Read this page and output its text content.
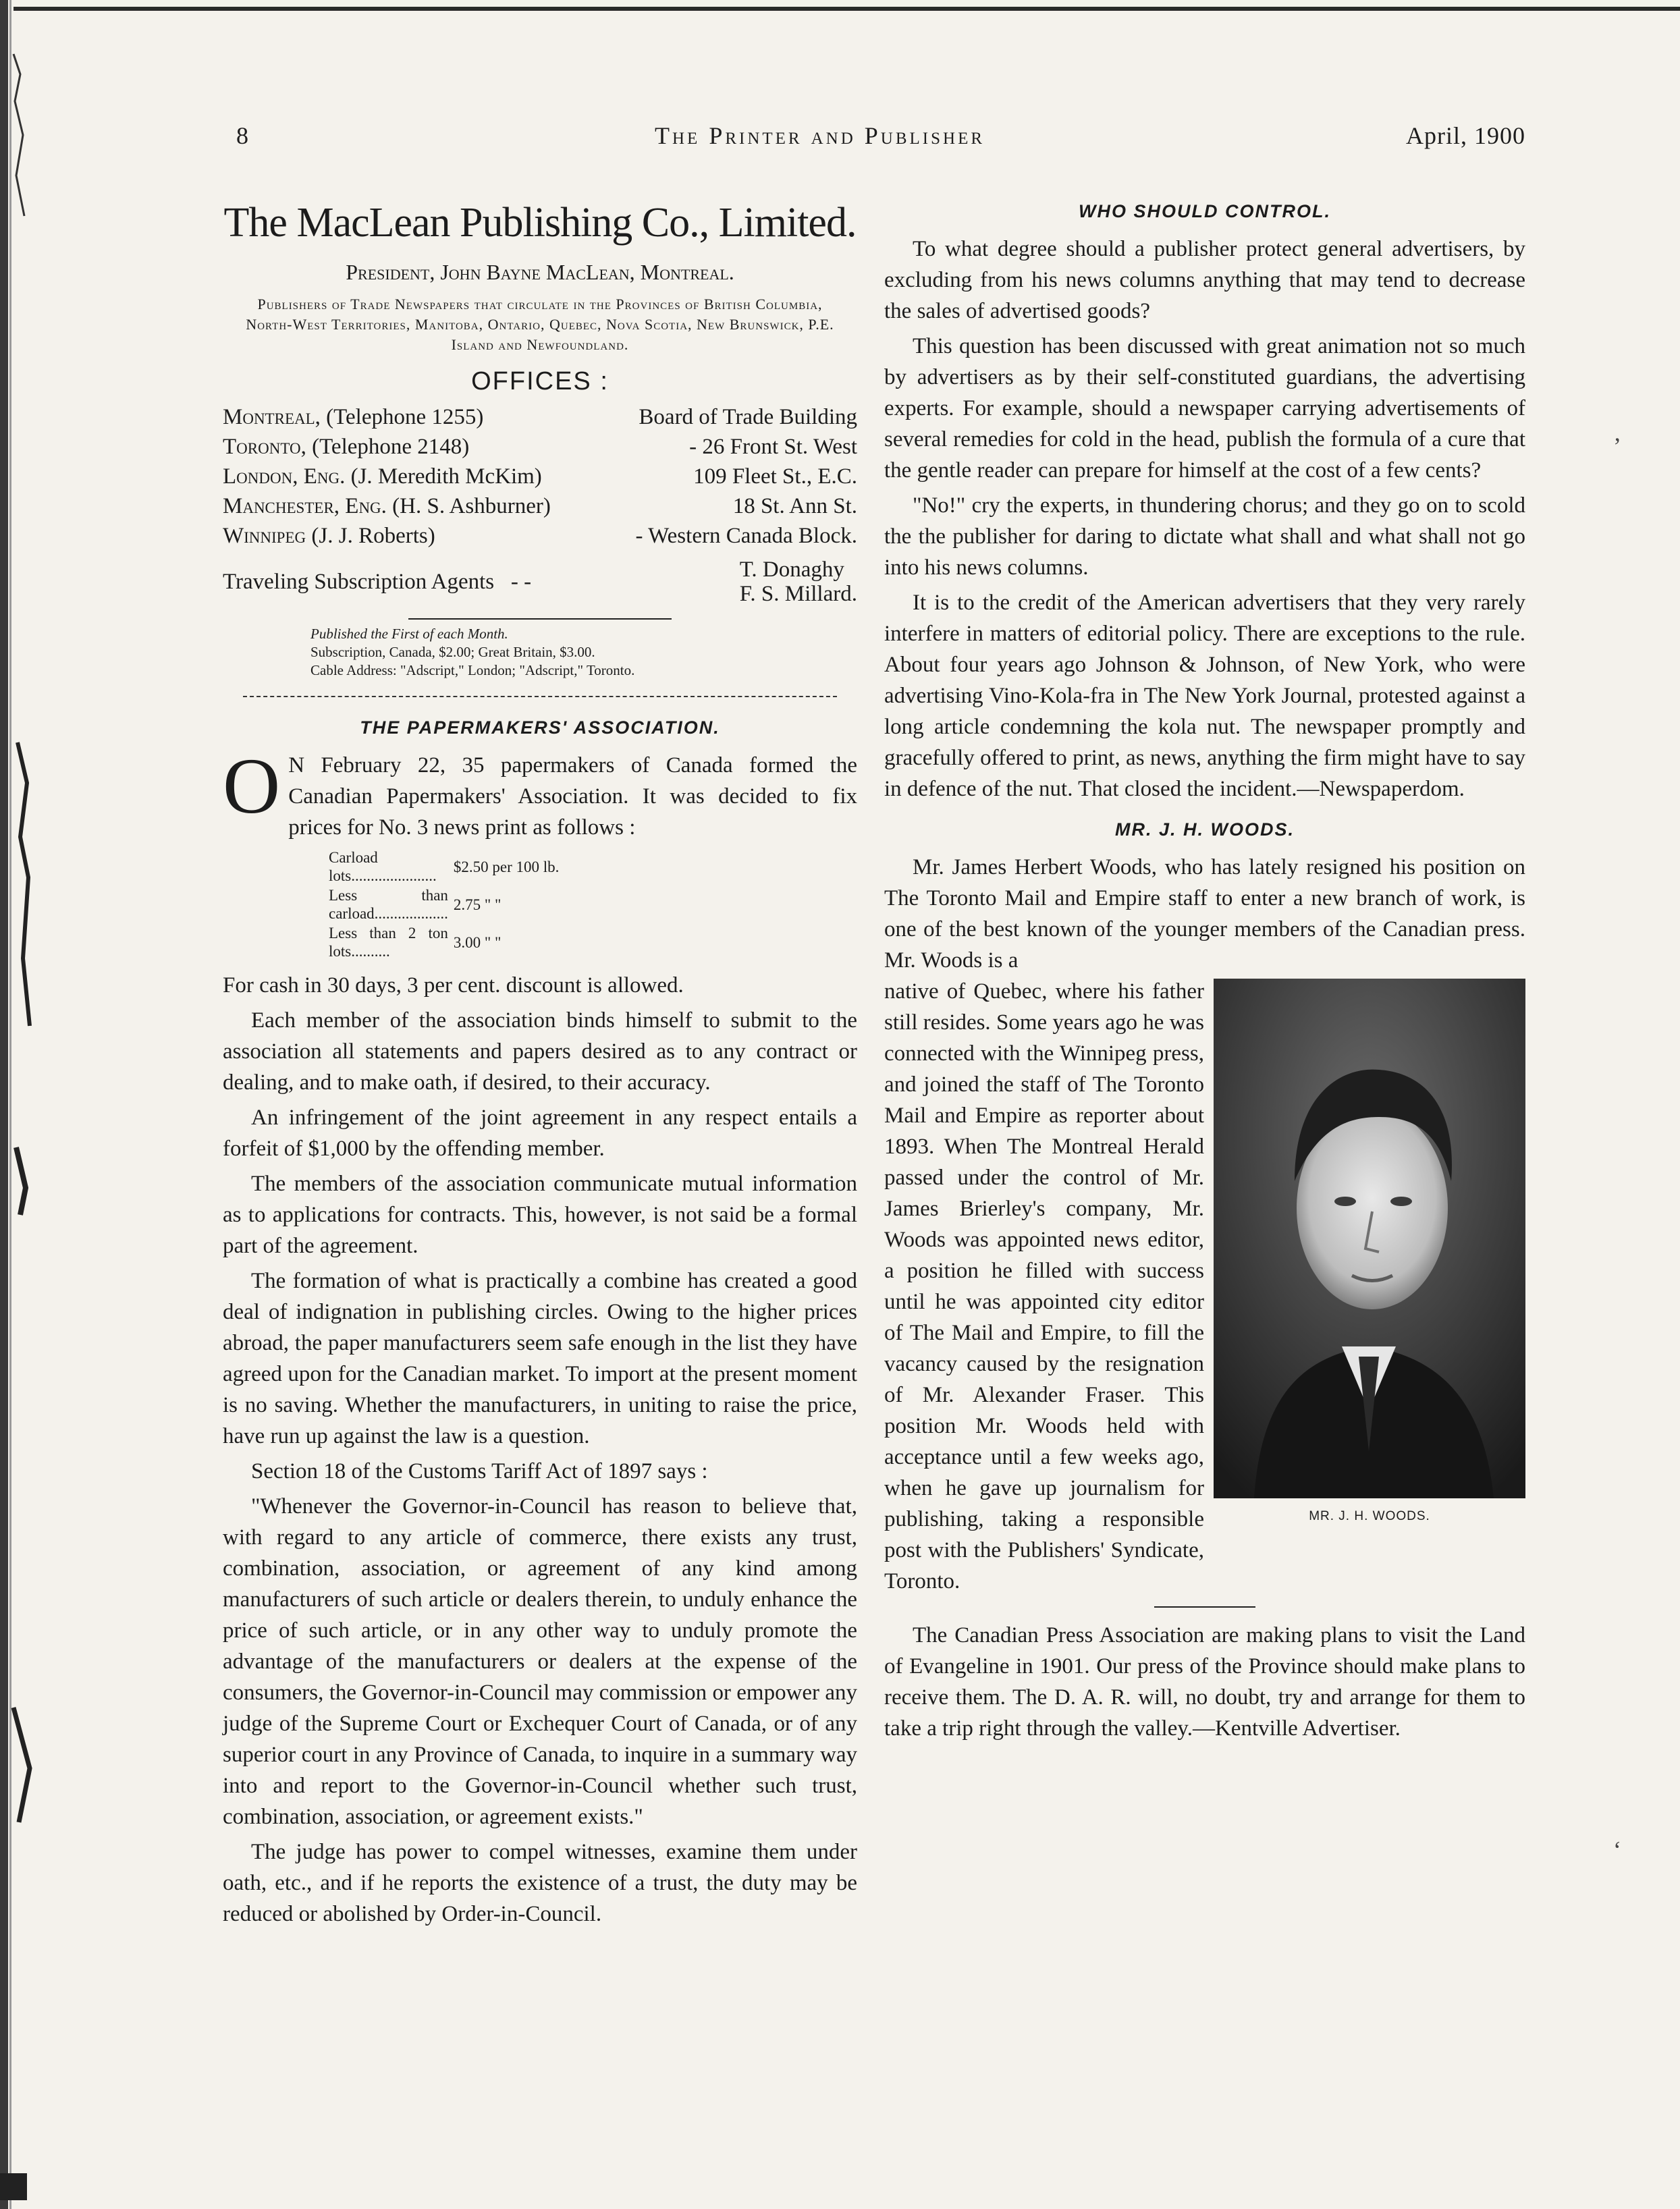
8	The Printer and Publisher	April, 1900
The MacLean Publishing Co., Limited.
President, John Bayne MacLean, Montreal.
Publishers of Trade Newspapers that circulate in the Provinces of British Columbia, North-West Territories, Manitoba, Ontario, Quebec, Nova Scotia, New Brunswick, P.E. Island and Newfoundland.
OFFICES :
Montreal, (Telephone 1255)	Board of Trade Building
Toronto, (Telephone 2148)	- 26 Front St. West
London, Eng. (J. Meredith McKim)	109 Fleet St., E.C.
Manchester, Eng. (H. S. Ashburner)	18 St. Ann St.
Winnipeg (J. J. Roberts)	- Western Canada Block.
Traveling Subscription Agents - -	T. Donaghy
F. S. Millard.
Published the First of each Month.
Subscription, Canada, $2.00; Great Britain, $3.00.
Cable Address: "Adscript," London; "Adscript," Toronto.
THE PAPERMAKERS' ASSOCIATION.

O N February 22, 35 papermakers of Canada formed the Canadian Papermakers' Association. It was decided to fix prices for No. 3 news print as follows :

Carload lots......................	$2.50 per 100 lb.
Less than carload...................	2.75 " "
Less than 2 ton lots..........	3.00 " "

For cash in 30 days, 3 per cent. discount is allowed.

Each member of the association binds himself to submit to the association all statements and papers desired as to any contract or dealing, and to make oath, if desired, to their accuracy.

An infringement of the joint agreement in any respect entails a forfeit of $1,000 by the offending member.

The members of the association communicate mutual information as to applications for contracts. This, however, is not said be a formal part of the agreement.

The formation of what is practically a combine has created a good deal of indignation in publishing circles. Owing to the higher prices abroad, the paper manufacturers seem safe enough in the list they have agreed upon for the Canadian market. To import at the present moment is no saving. Whether the manufacturers, in uniting to raise the price, have run up against the law is a question.

Section 18 of the Customs Tariff Act of 1897 says :

"Whenever the Governor-in-Council has reason to believe that, with regard to any article of commerce, there exists any trust, combination, association, or agreement of any kind among manufacturers of such article or dealers therein, to unduly enhance the price of such article, or in any other way to unduly promote the advantage of the manufacturers or dealers at the expense of the consumers, the Governor-in-Council may commission or empower any judge of the Supreme Court or Exchequer Court of Canada, or of any superior court in any Province of Canada, to inquire in a summary way into and report to the Governor-in-Council whether such trust, combination, association, or agreement exists."

The judge has power to compel witnesses, examine them under oath, etc., and if he reports the existence of a trust, the duty may be reduced or abolished by Order-in-Council.

WHO SHOULD CONTROL.

To what degree should a publisher protect general advertisers, by excluding from his news columns anything that may tend to decrease the sales of advertised goods?

This question has been discussed with great animation not so much by advertisers as by their self-constituted guardians, the advertising experts. For example, should a newspaper carrying advertisements of several remedies for cold in the head, publish the formula of a cure that the gentle reader can prepare for himself at the cost of a few cents?

"No!" cry the experts, in thundering chorus; and they go on to scold the the publisher for daring to dictate what shall and what shall not go into his news columns.

It is to the credit of the American advertisers that they very rarely interfere in matters of editorial policy. There are exceptions to the rule. About four years ago Johnson & Johnson, of New York, who were advertising Vino-Kola-fra in The New York Journal, protested against a long article condemning the kola nut. The newspaper promptly and gracefully offered to print, as news, anything the firm might have to say in defence of the nut. That closed the incident.—Newspaperdom.

MR. J. H. WOODS.

Mr. James Herbert Woods, who has lately resigned his position on The Toronto Mail and Empire staff to enter a new branch of work, is one of the best known of the younger members of the Canadian press. Mr. Woods is a

MR. J. H. WOODS.

native of Quebec, where his father still resides. Some years ago he was connected with the Winnipeg press, and joined the staff of The Toronto Mail and Empire as reporter about 1893. When The Montreal Herald passed under the control of Mr. James Brierley's company, Mr. Woods was appointed news editor, a position he filled with success until he was appointed city editor of The Mail and Empire, to fill the vacancy caused by the resignation of Mr. Alexander Fraser. This position Mr. Woods held with acceptance until a few weeks ago, when he gave up journalism for publishing, taking a responsible post with the Publishers' Syndicate, Toronto.

The Canadian Press Association are making plans to visit the Land of Evangeline in 1901. Our press of the Province should make plans to receive them. The D. A. R. will, no doubt, try and arrange for them to take a trip right through the valley.—Kentville Advertiser.

’
‘
